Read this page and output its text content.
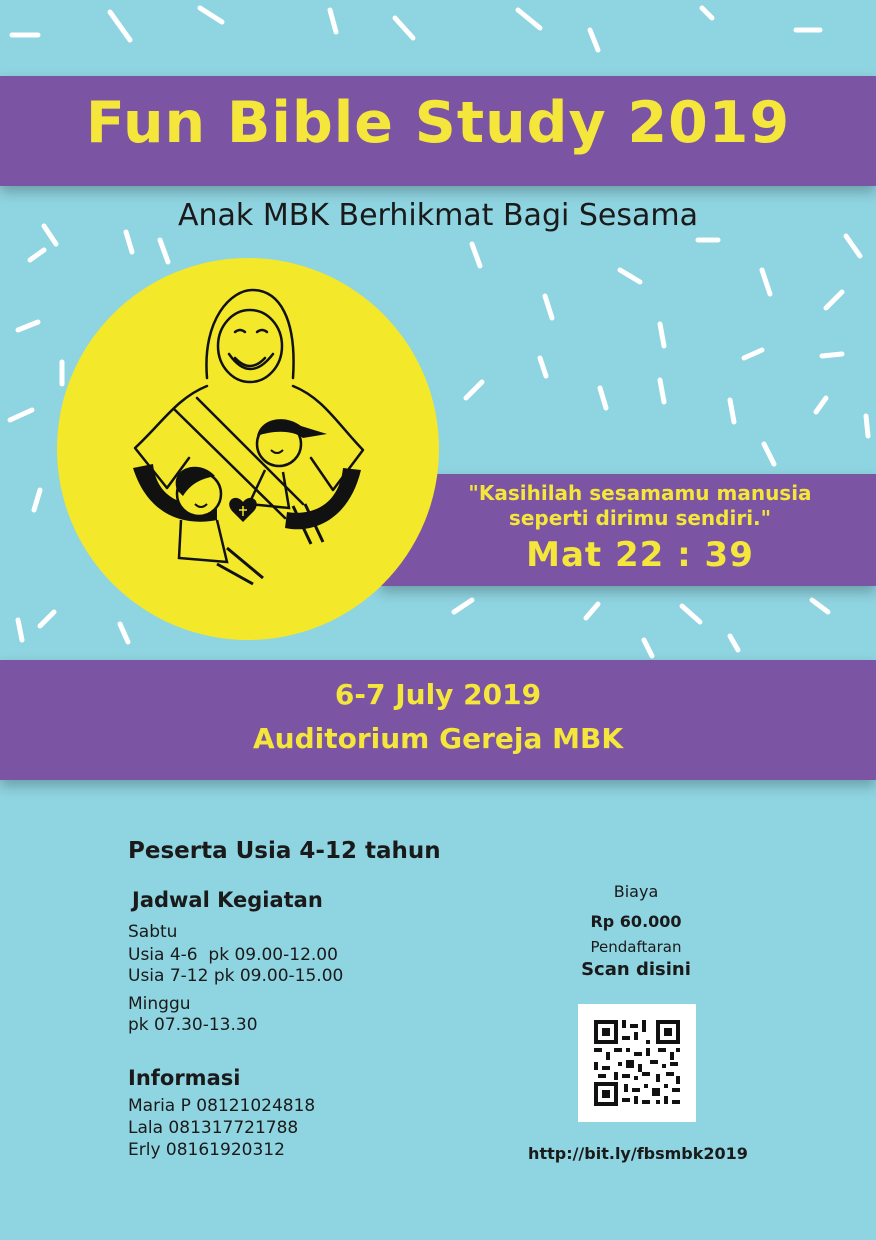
Fun Bible Study 2019
Anak MBK Berhikmat Bagi Sesama
"Kasihilah sesamamu manusia
seperti dirimu sendiri."
Mat 22 : 39
6-7 July 2019
Auditorium Gereja MBK
Peserta Usia 4-12 tahun
Jadwal Kegiatan
Sabtu
Usia 4-6  pk 09.00-12.00
Usia 7-12 pk 09.00-15.00
Minggu
pk 07.30-13.30
Informasi
Maria P 08121024818
Lala 081317721788
Erly 08161920312
Biaya
Rp 60.000
Pendaftaran
Scan disini
http://bit.ly/fbsmbk2019
